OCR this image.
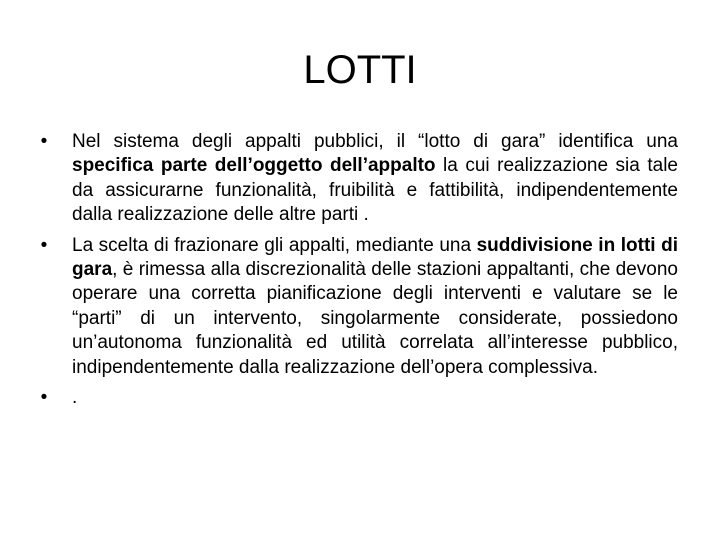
LOTTI
• Nel sistema degli appalti pubblici, il “lotto di gara” identifica una specifica parte dell’oggetto dell’appalto la cui realizzazione sia tale da assicurarne funzionalità, fruibilità e fattibilità, indipendentemente dalla realizzazione delle altre parti .
• La scelta di frazionare gli appalti, mediante una suddivisione in lotti di gara, è rimessa alla discrezionalità delle stazioni appaltanti, che devono operare una corretta pianificazione degli interventi e valutare se le “parti” di un intervento, singolarmente considerate, possiedono un’autonoma funzionalità ed utilità correlata all’interesse pubblico, indipendentemente dalla realizzazione dell’opera complessiva.
• .
